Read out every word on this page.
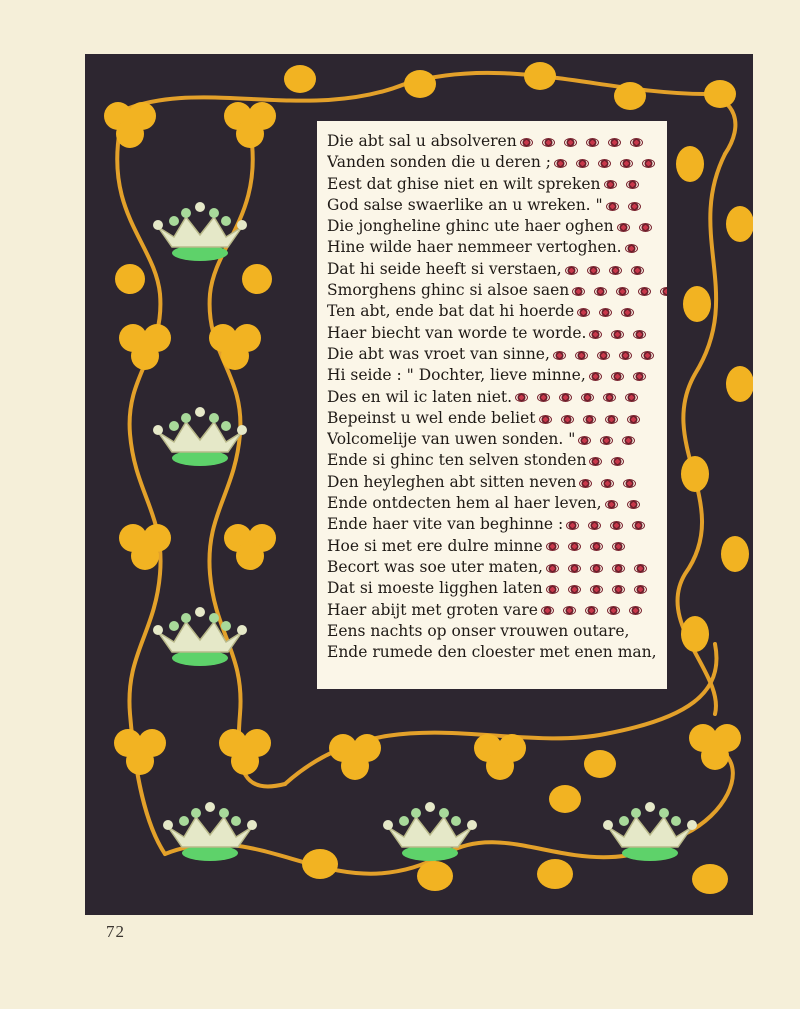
Die abt sal u absolveren
Vanden sonden die u deren ;
Eest dat ghise niet en wilt spreken
God salse swaerlike an u wreken. "
Die jongheline ghinc ute haer oghen
Hine wilde haer nemmeer vertoghen.
Dat hi seide heeft si verstaen,
Smorghens ghinc si alsoe saen
Ten abt, ende bat dat hi hoerde
Haer biecht van worde te worde.
Die abt was vroet van sinne,
Hi seide : " Dochter, lieve minne,
Des en wil ic laten niet.
Bepeinst u wel ende beliet
Volcomelije van uwen sonden. "
Ende si ghinc ten selven stonden
Den heyleghen abt sitten neven
Ende ontdecten hem al haer leven,
Ende haer vite van beghinne :
Hoe si met ere dulre minne
Becort was soe uter maten,
Dat si moeste ligghen laten
Haer abijt met groten vare
Eens nachts op onser vrouwen outare,
Ende rumede den cloester met enen man,
72
